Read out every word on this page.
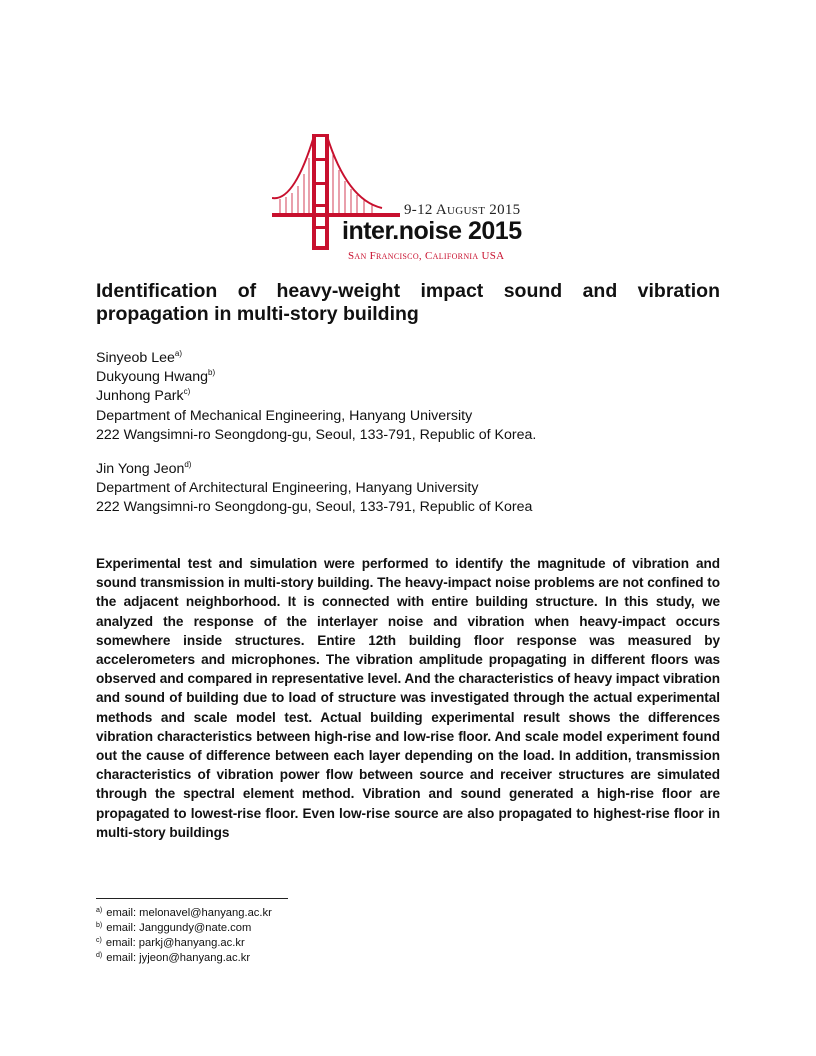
9-12 August 2015
inter.noise 2015
San Francisco, California USA
Identification of heavy-weight impact sound and vibration
propagation in multi-story building
Sinyeob Lee$^{a)}$
Dukyoung Hwang$^{b)}$
Junhong Park$^{c)}$
Department of Mechanical Engineering, Hanyang University
222 Wangsimni-ro Seongdong-gu, Seoul, 133-791, Republic of Korea.
Jin Yong Jeon$^{d)}$
Department of Architectural Engineering, Hanyang University
222 Wangsimni-ro Seongdong-gu, Seoul, 133-791, Republic of Korea

Experimental test and simulation were performed to identify the magnitude of vibration and sound transmission in multi-story building. The heavy-impact noise problems are not confined to the adjacent neighborhood. It is connected with entire building structure. In this study, we analyzed the response of the interlayer noise and vibration when heavy-impact occurs somewhere inside structures. Entire 12th building floor response was measured by accelerometers and microphones. The vibration amplitude propagating in different floors was observed and compared in representative level. And the characteristics of heavy impact vibration and sound of building due to load of structure was investigated through the actual experimental methods and scale model test. Actual building experimental result shows the differences vibration characteristics between high-rise and low-rise floor. And scale model experiment found out the cause of difference between each layer depending on the load. In addition, transmission characteristics of vibration power flow between source and receiver structures are simulated through the spectral element method. Vibration and sound generated a high-rise floor are propagated to lowest-rise floor. Even low-rise source are also propagated to highest-rise floor in multi-story buildings

$^{a)}$ email: melonavel@hanyang.ac.kr
$^{b)}$ email: Janggundy@nate.com
$^{c)}$ email: parkj@hanyang.ac.kr
$^{d)}$ email: jyjeon@hanyang.ac.kr
